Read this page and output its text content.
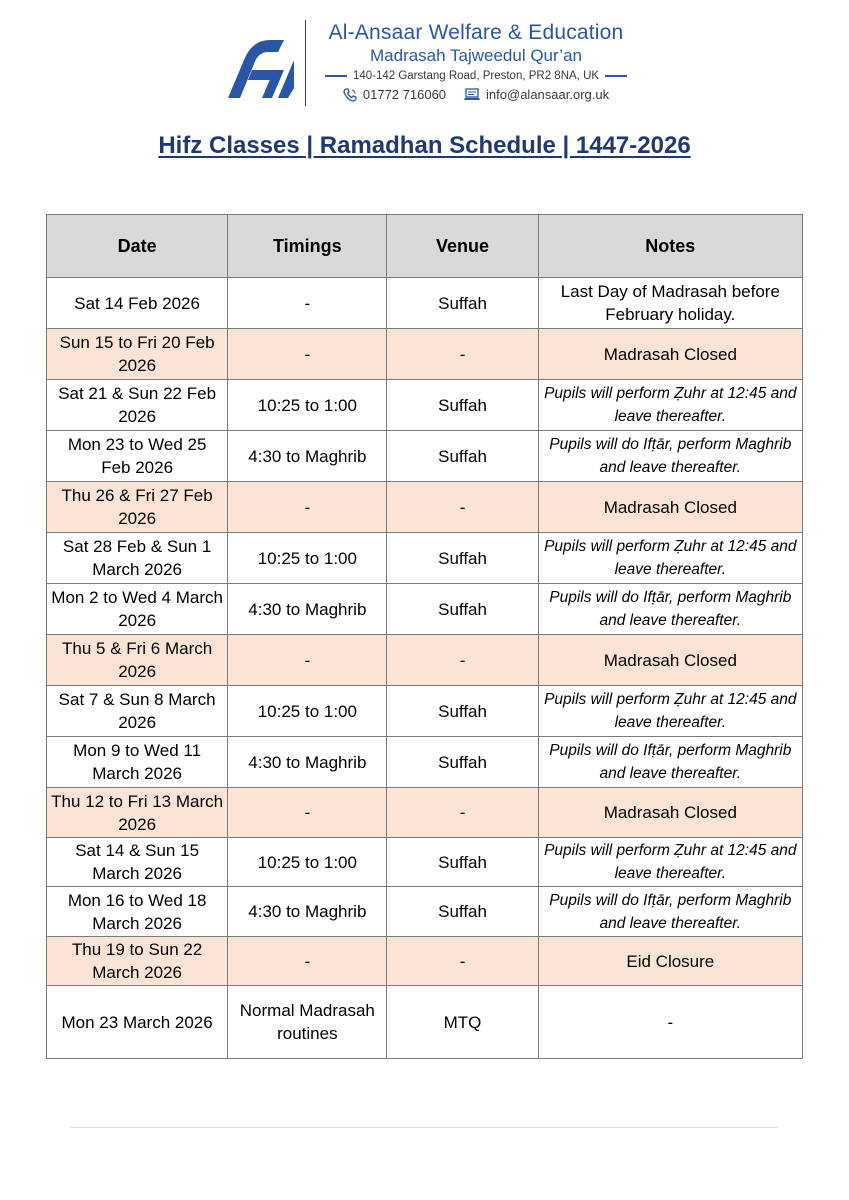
Al-Ansaar Welfare & Education
Madrasah Tajweedul Qur’an
140-142 Garstang Road, Preston, PR2 8NA, UK
01772 716060	info@alansaar.org.uk
Hifz Classes | Ramadhan Schedule | 1447-2026
Date	Timings	Venue	Notes
Sat 14 Feb 2026	-	Suffah	Last Day of Madrasah before February holiday.
Sun 15 to Fri 20 Feb 2026	-	-	Madrasah Closed
Sat 21 & Sun 22 Feb 2026	10:25 to 1:00	Suffah	Pupils will perform Ẓuhr at 12:45 and leave thereafter.
Mon 23 to Wed 25 Feb 2026	4:30 to Maghrib	Suffah	Pupils will do Ifṭār, perform Maghrib and leave thereafter.
Thu 26 & Fri 27 Feb 2026	-	-	Madrasah Closed
Sat 28 Feb & Sun 1 March 2026	10:25 to 1:00	Suffah	Pupils will perform Ẓuhr at 12:45 and leave thereafter.
Mon 2 to Wed 4 March 2026	4:30 to Maghrib	Suffah	Pupils will do Ifṭār, perform Maghrib and leave thereafter.
Thu 5 & Fri 6 March 2026	-	-	Madrasah Closed
Sat 7 & Sun 8 March 2026	10:25 to 1:00	Suffah	Pupils will perform Ẓuhr at 12:45 and leave thereafter.
Mon 9 to Wed 11 March 2026	4:30 to Maghrib	Suffah	Pupils will do Ifṭār, perform Maghrib and leave thereafter.
Thu 12 to Fri 13 March 2026	-	-	Madrasah Closed
Sat 14 & Sun 15 March 2026	10:25 to 1:00	Suffah	Pupils will perform Ẓuhr at 12:45 and leave thereafter.
Mon 16 to Wed 18 March 2026	4:30 to Maghrib	Suffah	Pupils will do Ifṭār, perform Maghrib and leave thereafter.
Thu 19 to Sun 22 March 2026	-	-	Eid Closure
Mon 23 March 2026	Normal Madrasah routines	MTQ	-
